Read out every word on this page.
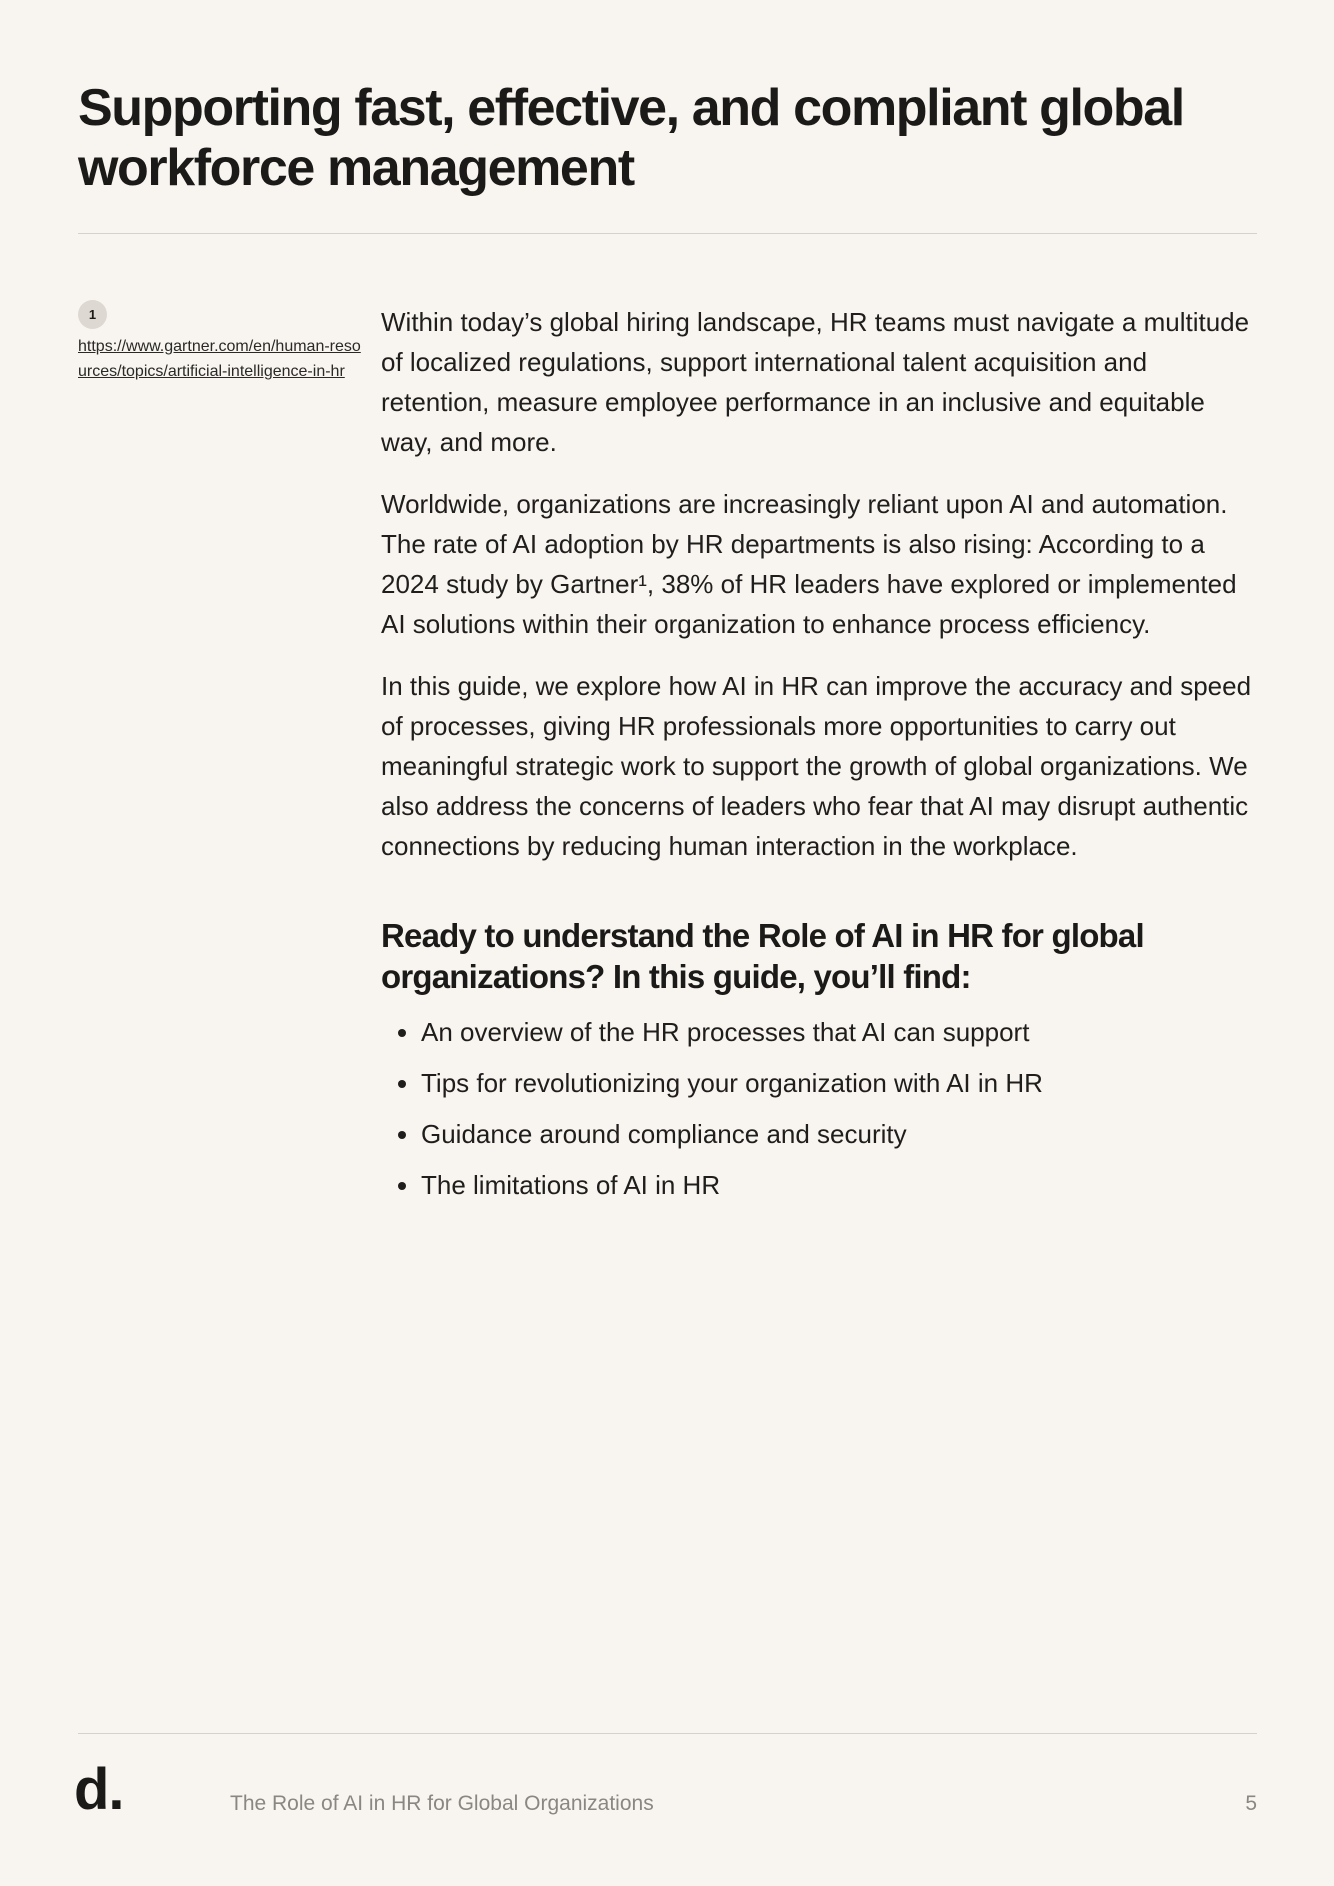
Supporting fast, effective, and compliant global workforce management
1
https://www.gartner.com/en/human-resources/topics/artificial-intelligence-in-hr

Within today’s global hiring landscape, HR teams must navigate a multitude of localized regulations, support international talent acquisition and retention, measure employee performance in an inclusive and equitable way, and more.

Worldwide, organizations are increasingly reliant upon AI and automation. The rate of AI adoption by HR departments is also rising: According to a 2024 study by Gartner¹, 38% of HR leaders have explored or implemented AI solutions within their organization to enhance process efficiency.

In this guide, we explore how AI in HR can improve the accuracy and speed of processes, giving HR professionals more opportunities to carry out meaningful strategic work to support the growth of global organizations. We also address the concerns of leaders who fear that AI may disrupt authentic connections by reducing human interaction in the workplace.

Ready to understand the Role of AI in HR for global organizations? In this guide, you’ll find:
• An overview of the HR processes that AI can support
• Tips for revolutionizing your organization with AI in HR
• Guidance around compliance and security
• The limitations of AI in HR
d.	The Role of AI in HR for Global Organizations	5
